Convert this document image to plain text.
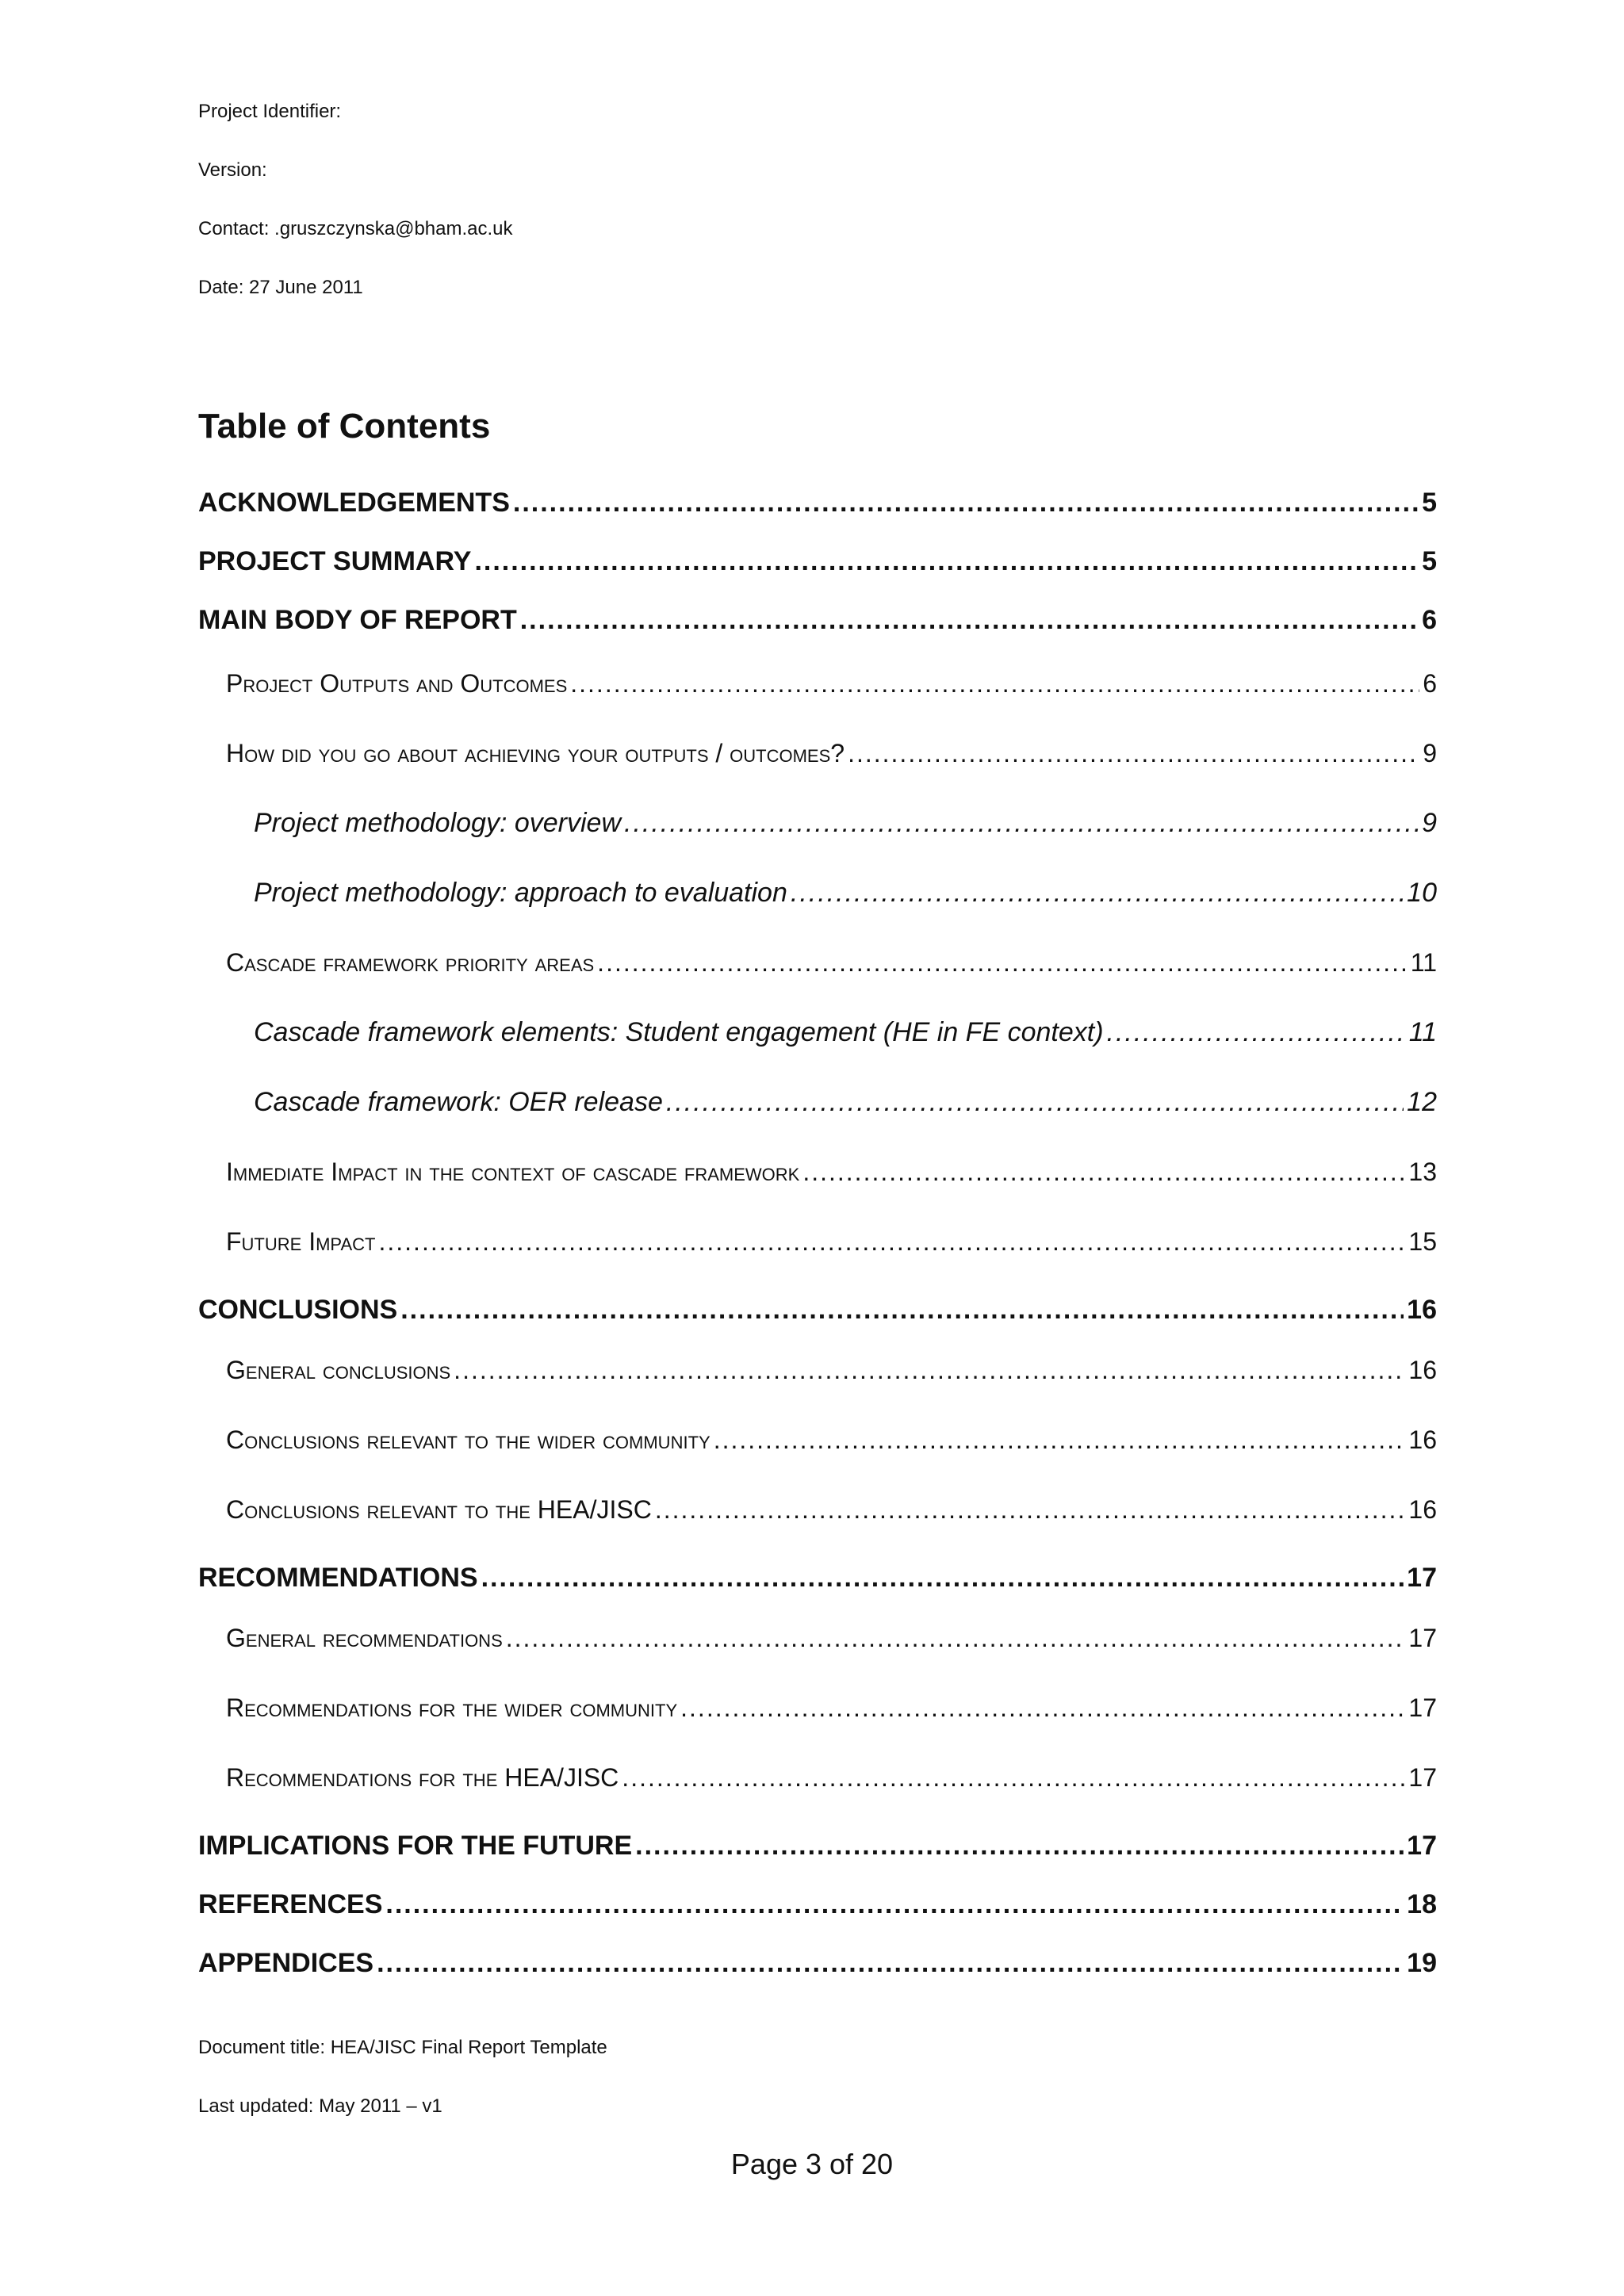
Project Identifier:
Version:
Contact: .gruszczynska@bham.ac.uk
Date: 27 June 2011
Table of Contents
ACKNOWLEDGEMENTS .....	5
PROJECT SUMMARY .....	5
MAIN BODY OF REPORT .....	6
Project Outputs and Outcomes .....	6
How did you go about achieving your outputs / outcomes? .....	9
Project methodology: overview .....	9
Project methodology: approach to evaluation .....	10
Cascade framework priority areas .....	11
Cascade framework elements: Student engagement (HE in FE context) .....	11
Cascade framework: OER release .....	12
Immediate Impact in the context of cascade framework .....	13
Future Impact .....	15
CONCLUSIONS .....	16
General conclusions .....	16
Conclusions relevant to the wider community .....	16
Conclusions relevant to the HEA/JISC .....	16
RECOMMENDATIONS .....	17
General recommendations .....	17
Recommendations for the wider community .....	17
Recommendations for the HEA/JISC .....	17
IMPLICATIONS FOR THE FUTURE .....	17
REFERENCES .....	18
APPENDICES .....	19
Document title: HEA/JISC Final Report Template
Last updated: May 2011 – v1
Page 3 of 20
